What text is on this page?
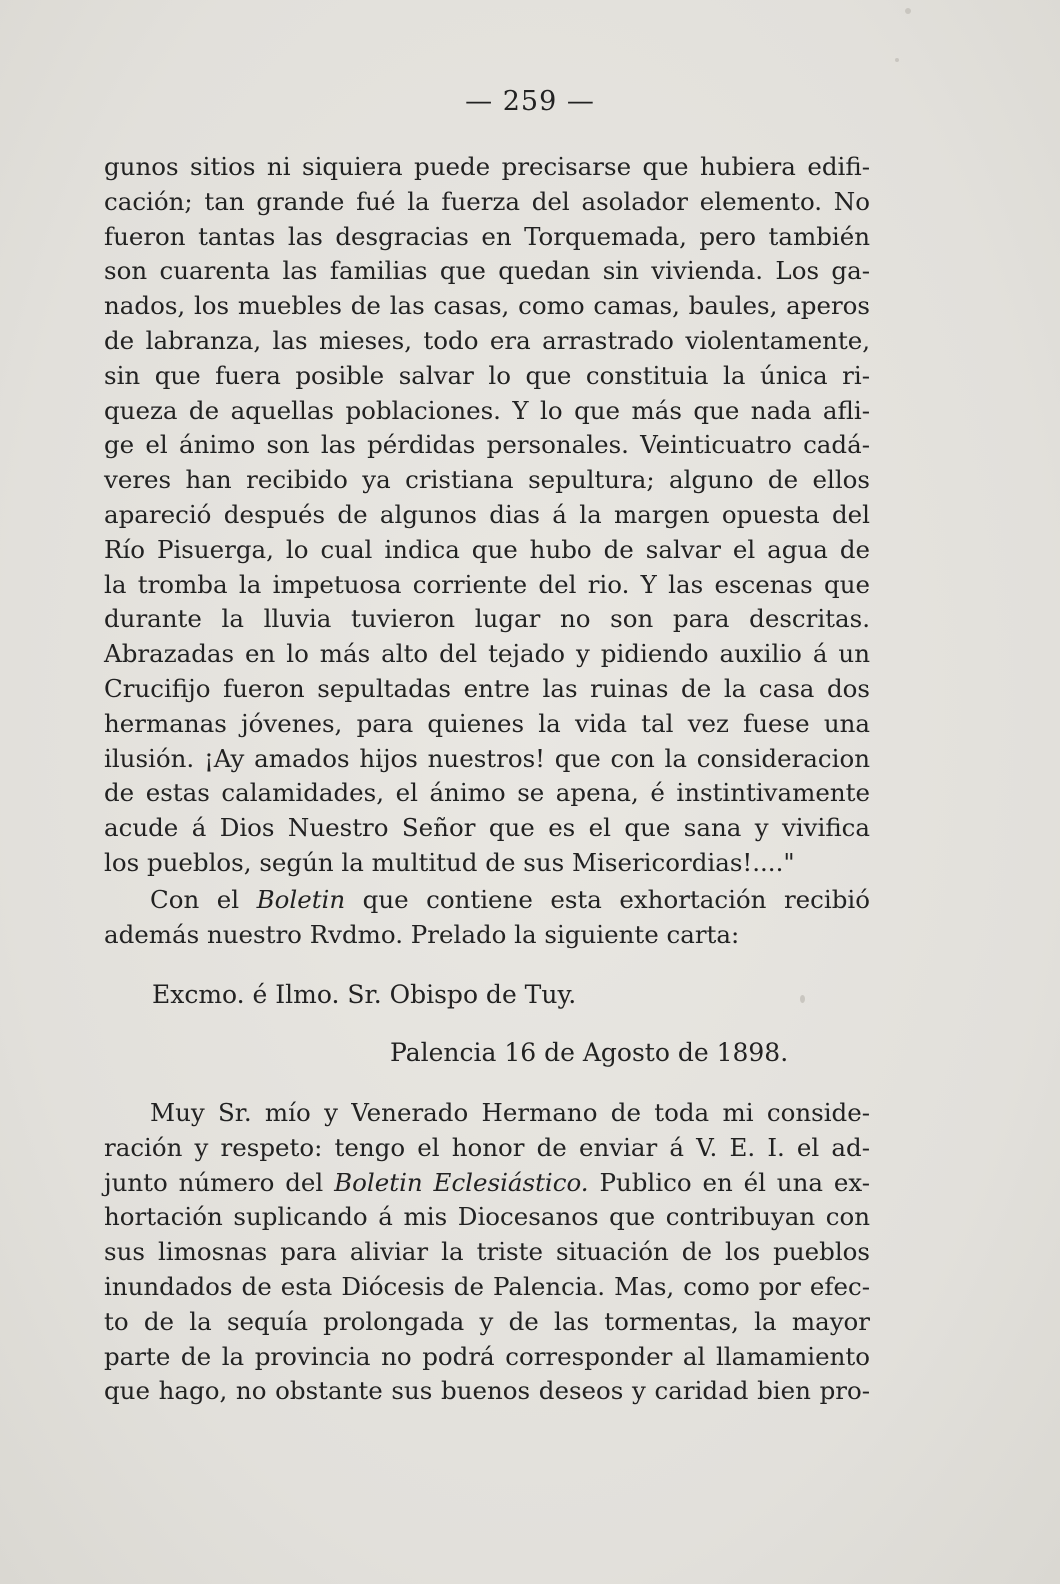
— 259 —
gunos sitios ni siquiera puede precisarse que hubiera edifi-
cación; tan grande fué la fuerza del asolador elemento. No
fueron tantas las desgracias en Torquemada, pero también
son cuarenta las familias que quedan sin vivienda. Los ga-
nados, los muebles de las casas, como camas, baules, aperos
de labranza, las mieses, todo era arrastrado violentamente,
sin que fuera posible salvar lo que constituia la única ri-
queza de aquellas poblaciones. Y lo que más que nada afli-
ge el ánimo son las pérdidas personales. Veinticuatro cadá-
veres han recibido ya cristiana sepultura; alguno de ellos
apareció después de algunos dias á la margen opuesta del
Río Pisuerga, lo cual indica que hubo de salvar el agua de
la tromba la impetuosa corriente del rio. Y las escenas que
durante la lluvia tuvieron lugar no son para descritas.
Abrazadas en lo más alto del tejado y pidiendo auxilio á un
Crucifijo fueron sepultadas entre las ruinas de la casa dos
hermanas jóvenes, para quienes la vida tal vez fuese una
ilusión. ¡Ay amados hijos nuestros! que con la consideracion
de estas calamidades, el ánimo se apena, é instintivamente
acude á Dios Nuestro Señor que es el que sana y vivifica
los pueblos, según la multitud de sus Misericordias!...."
Con el Boletin que contiene esta exhortación recibió
además nuestro Rvdmo. Prelado la siguiente carta:
Excmo. é Ilmo. Sr. Obispo de Tuy.
Palencia 16 de Agosto de 1898.
Muy Sr. mío y Venerado Hermano de toda mi conside-
ración y respeto: tengo el honor de enviar á V. E. I. el ad-
junto número del Boletin Eclesiástico. Publico en él una ex-
hortación suplicando á mis Diocesanos que contribuyan con
sus limosnas para aliviar la triste situación de los pueblos
inundados de esta Diócesis de Palencia. Mas, como por efec-
to de la sequía prolongada y de las tormentas, la mayor
parte de la provincia no podrá corresponder al llamamiento
que hago, no obstante sus buenos deseos y caridad bien pro-
